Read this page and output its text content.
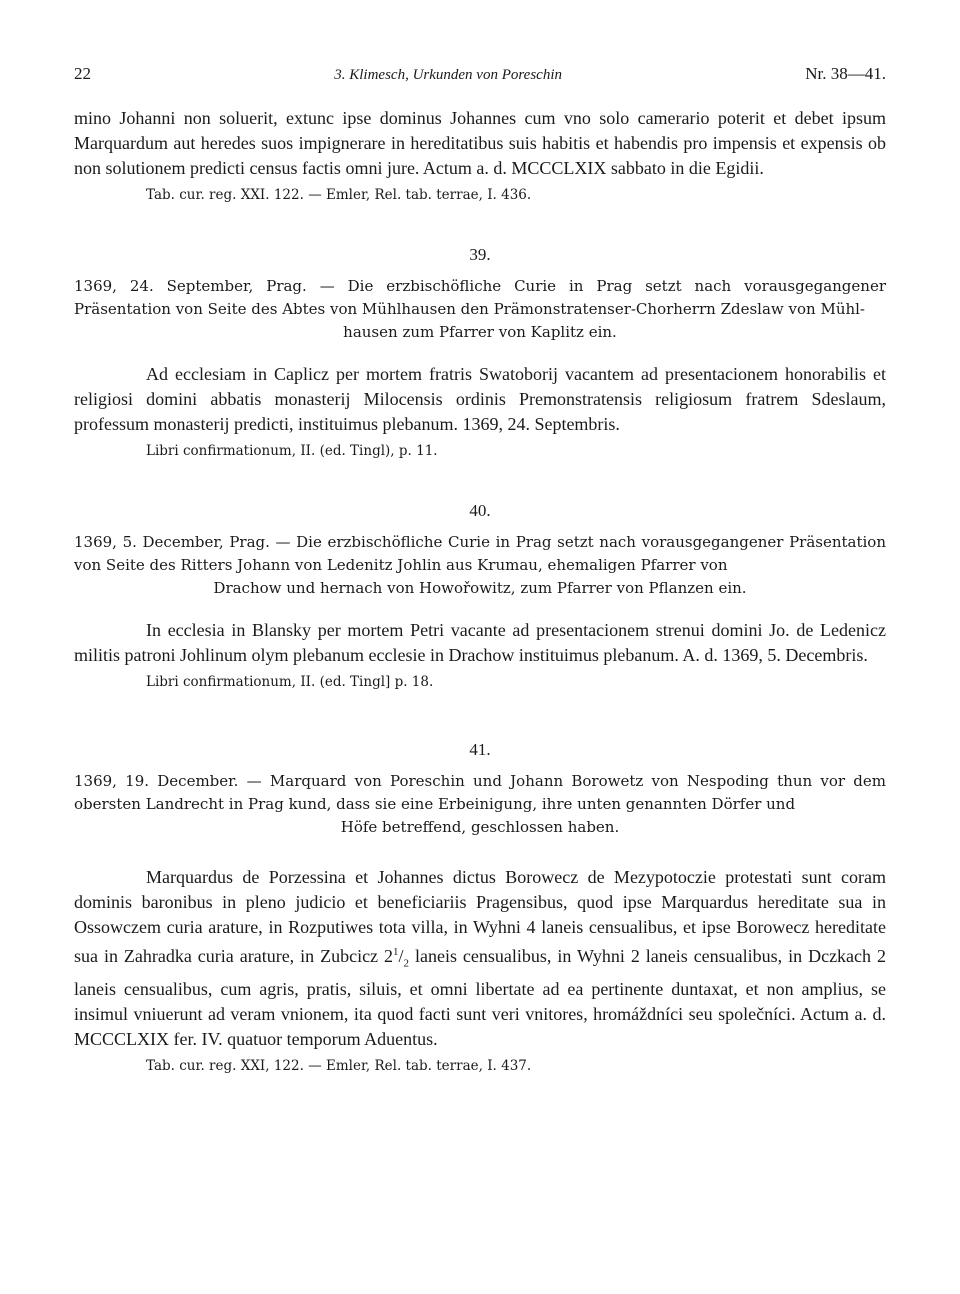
22	3. Klimesch, Urkunden von Poreschin	Nr. 38—41.

mino Johanni non soluerit, extunc ipse dominus Johannes cum vno solo camerario poterit et debet ipsum Marquardum aut heredes suos impignerare in hereditatibus suis habitis et habendis pro impensis et expensis ob non solutionem predicti census factis omni jure. Actum a. d. MCCCLXIX sabbato in die Egidii.

Tab. cur. reg. XXI. 122. — Emler, Rel. tab. terrae, I. 436.

39.

1369, 24. September, Prag. — Die erzbischöfliche Curie in Prag setzt nach vorausgegangener Präsentation von Seite des Abtes von Mühlhausen den Prämonstratenser-Chorherrn Zdeslaw von Mühl-
hausen zum Pfarrer von Kaplitz ein.

Ad ecclesiam in Caplicz per mortem fratris Swatoborij vacantem ad presentacionem honorabilis et religiosi domini abbatis monasterij Milocensis ordinis Premonstratensis religiosum fratrem Sdeslaum, professum monasterij predicti, instituimus plebanum. 1369, 24. Septembris.

Libri confirmationum, II. (ed. Tingl), p. 11.

40.

1369, 5. December, Prag. — Die erzbischöfliche Curie in Prag setzt nach vorausgegangener Präsentation von Seite des Ritters Johann von Ledenitz Johlin aus Krumau, ehemaligen Pfarrer von
Drachow und hernach von Howořowitz, zum Pfarrer von Pflanzen ein.

In ecclesia in Blansky per mortem Petri vacante ad presentacionem strenui domini Jo. de Ledenicz militis patroni Johlinum olym plebanum ecclesie in Drachow instituimus plebanum. A. d. 1369, 5. Decembris.

Libri confirmationum, II. (ed. Tingl] p. 18.

41.

1369, 19. December. — Marquard von Poreschin und Johann Borowetz von Nespoding thun vor dem obersten Landrecht in Prag kund, dass sie eine Erbeinigung, ihre unten genannten Dörfer und
Höfe betreffend, geschlossen haben.

Marquardus de Porzessina et Johannes dictus Borowecz de Mezypotoczie protestati sunt coram dominis baronibus in pleno judicio et beneficiariis Pragensibus, quod ipse Marquardus hereditate sua in Ossowczem curia arature, in Rozputiwes tota villa, in Wyhni 4 laneis censualibus, et ipse Borowecz hereditate sua in Zahradka curia arature, in Zubcicz $2^1/_2$ laneis censualibus, in Wyhni 2 laneis censualibus, in Dczkach 2 laneis censualibus, cum agris, pratis, siluis, et omni libertate ad ea pertinente duntaxat, et non amplius, se insimul vniuerunt ad veram vnionem, ita quod facti sunt veri vnitores, hromáždníci seu společníci. Actum a. d. MCCCLXIX fer. IV. quatuor temporum Aduentus.

Tab. cur. reg. XXI, 122. — Emler, Rel. tab. terrae, I. 437.
